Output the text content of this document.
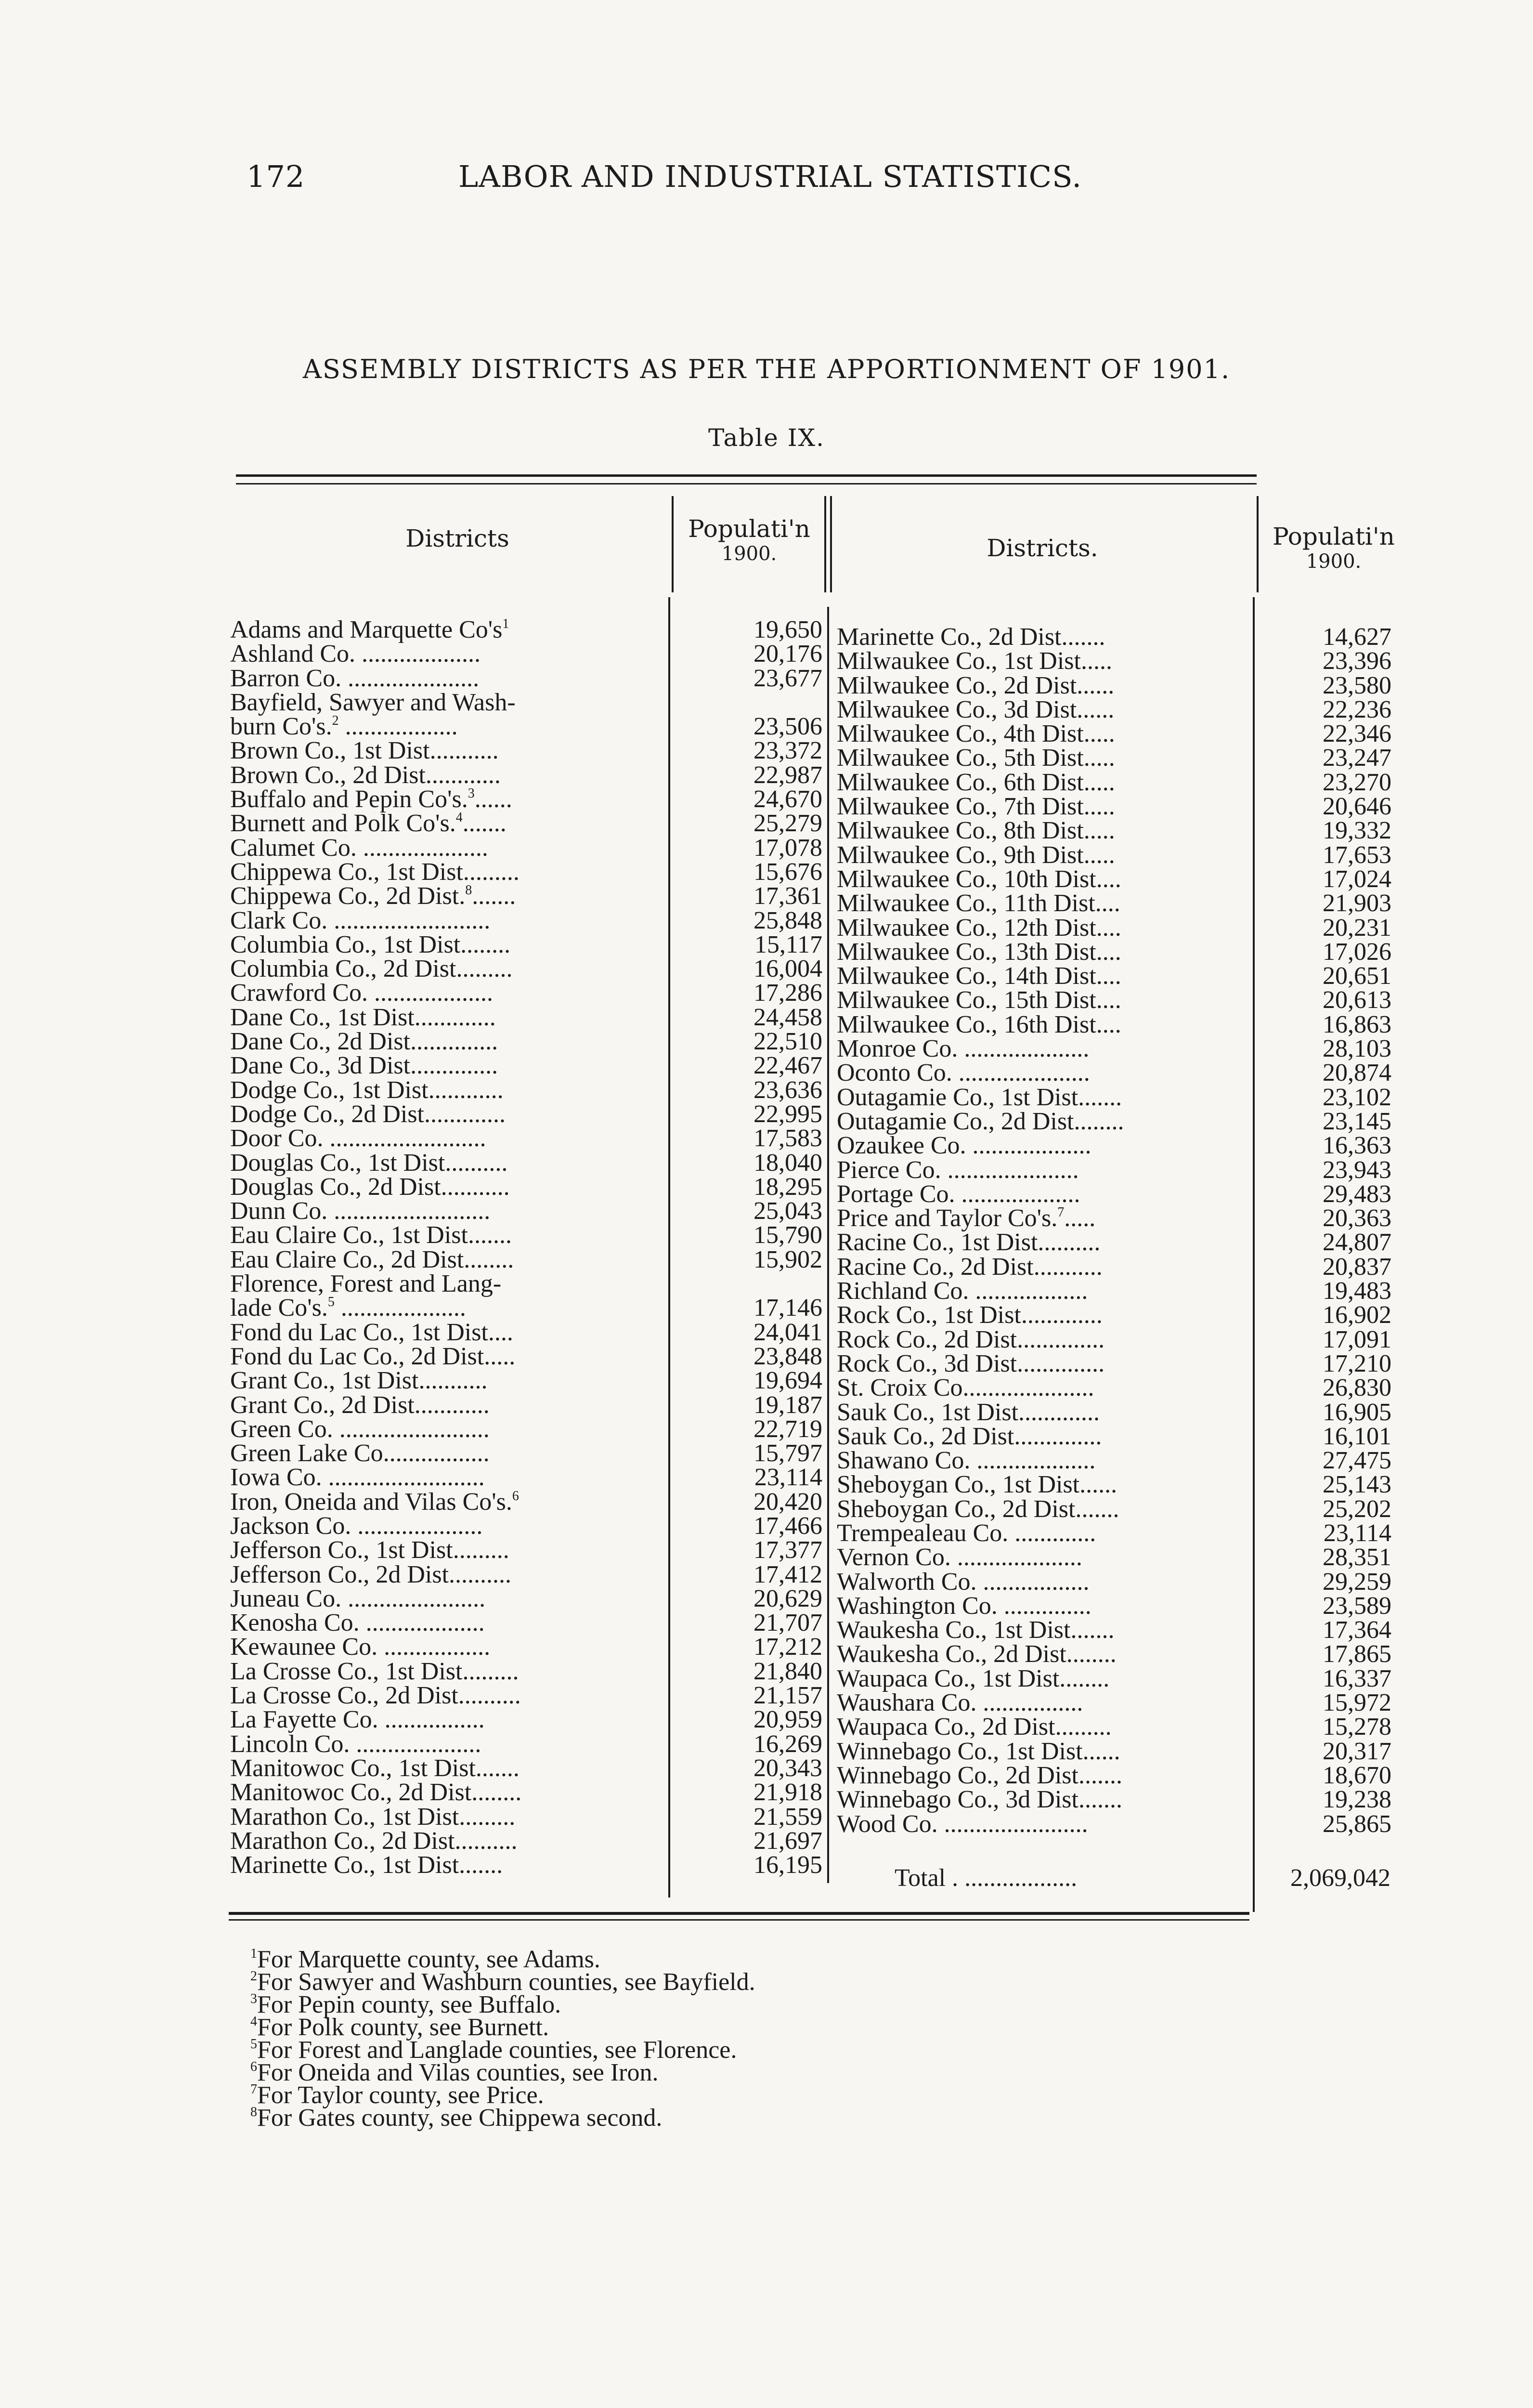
172	LABOR AND INDUSTRIAL STATISTICS.
ASSEMBLY DISTRICTS AS PER THE APPORTIONMENT OF 1901.
Table IX.
Districts	Populati'n
1900.	Districts.	Populati'n
1900.
Adams and Marquette $Co's^1$	19,650
Ashland Co. ...................	20,176
Barron Co. .....................	23,677
Bayfield, Sawyer and Wash-
burn Co's.$^2$ ..................	23,506
Brown Co., 1st Dist...........	23,372
Brown Co., 2d Dist............	22,987
Buffalo and Pepin Co's.$^3$......	24,670
Burnett and Polk Co's.$^4$.......	25,279
Calumet Co. ....................	17,078
Chippewa Co., 1st Dist.........	15,676
Chippewa Co., 2d Dist.$^8$.......	17,361
Clark Co. .........................	25,848
Columbia Co., 1st Dist........	15,117
Columbia Co., 2d Dist.........	16,004
Crawford Co. ...................	17,286
Dane Co., 1st Dist.............	24,458
Dane Co., 2d Dist..............	22,510
Dane Co., 3d Dist..............	22,467
Dodge Co., 1st Dist............	23,636
Dodge Co., 2d Dist.............	22,995
Door Co. .........................	17,583
Douglas Co., 1st Dist..........	18,040
Douglas Co., 2d Dist...........	18,295
Dunn Co. .........................	25,043
Eau Claire Co., 1st Dist.......	15,790
Eau Claire Co., 2d Dist........	15,902
Florence, Forest and Lang-
lade Co's.$^5$ ....................	17,146
Fond du Lac Co., 1st Dist....	24,041
Fond du Lac Co., 2d Dist.....	23,848
Grant Co., 1st Dist...........	19,694
Grant Co., 2d Dist............	19,187
Green Co. ........................	22,719
Green Lake Co.................	15,797
Iowa Co. .........................	23,114
Iron, Oneida and Vilas Co's.$^6$	20,420
Jackson Co. ....................	17,466
Jefferson Co., 1st Dist.........	17,377
Jefferson Co., 2d Dist..........	17,412
Juneau Co. ......................	20,629
Kenosha Co. ...................	21,707
Kewaunee Co. .................	17,212
La Crosse Co., 1st Dist.........	21,840
La Crosse Co., 2d Dist..........	21,157
La Fayette Co. ................	20,959
Lincoln Co. ....................	16,269
Manitowoc Co., 1st Dist.......	20,343
Manitowoc Co., 2d Dist........	21,918
Marathon Co., 1st Dist.........	21,559
Marathon Co., 2d Dist..........	21,697
Marinette Co., 1st Dist.......	16,195
Marinette Co., 2d Dist.......	14,627
Milwaukee Co., 1st Dist.....	23,396
Milwaukee Co., 2d Dist......	23,580
Milwaukee Co., 3d Dist......	22,236
Milwaukee Co., 4th Dist.....	22,346
Milwaukee Co., 5th Dist.....	23,247
Milwaukee Co., 6th Dist.....	23,270
Milwaukee Co., 7th Dist.....	20,646
Milwaukee Co., 8th Dist.....	19,332
Milwaukee Co., 9th Dist.....	17,653
Milwaukee Co., 10th Dist....	17,024
Milwaukee Co., 11th Dist....	21,903
Milwaukee Co., 12th Dist....	20,231
Milwaukee Co., 13th Dist....	17,026
Milwaukee Co., 14th Dist....	20,651
Milwaukee Co., 15th Dist....	20,613
Milwaukee Co., 16th Dist....	16,863
Monroe Co. ....................	28,103
Oconto Co. .....................	20,874
Outagamie Co., 1st Dist.......	23,102
Outagamie Co., 2d Dist........	23,145
Ozaukee Co. ...................	16,363
Pierce Co. .....................	23,943
Portage Co. ...................	29,483
Price and Taylor Co's.$^7$.....	20,363
Racine Co., 1st Dist..........	24,807
Racine Co., 2d Dist...........	20,837
Richland Co. ..................	19,483
Rock Co., 1st Dist.............	16,902
Rock Co., 2d Dist..............	17,091
Rock Co., 3d Dist..............	17,210
St. Croix Co.....................	26,830
Sauk Co., 1st Dist.............	16,905
Sauk Co., 2d Dist..............	16,101
Shawano Co. ...................	27,475
Sheboygan Co., 1st Dist......	25,143
Sheboygan Co., 2d Dist.......	25,202
Trempealeau Co. .............	23,114
Vernon Co. ....................	28,351
Walworth Co. .................	29,259
Washington Co. ..............	23,589
Waukesha Co., 1st Dist.......	17,364
Waukesha Co., 2d Dist........	17,865
Waupaca Co., 1st Dist........	16,337
Waushara Co. ................	15,972
Waupaca Co., 2d Dist.........	15,278
Winnebago Co., 1st Dist......	20,317
Winnebago Co., 2d Dist.......	18,670
Winnebago Co., 3d Dist.......	19,238
Wood Co. .......................	25,865
Total . ..................	2,069,042
$^1$For Marquette county, see Adams.
$^2$For Sawyer and Washburn counties, see Bayfield.
$^3$For Pepin county, see Buffalo.
$^4$For Polk county, see Burnett.
$^5$For Forest and Langlade counties, see Florence.
$^6$For Oneida and Vilas counties, see Iron.
$^7$For Taylor county, see Price.
$^8$For Gates county, see Chippewa second.
